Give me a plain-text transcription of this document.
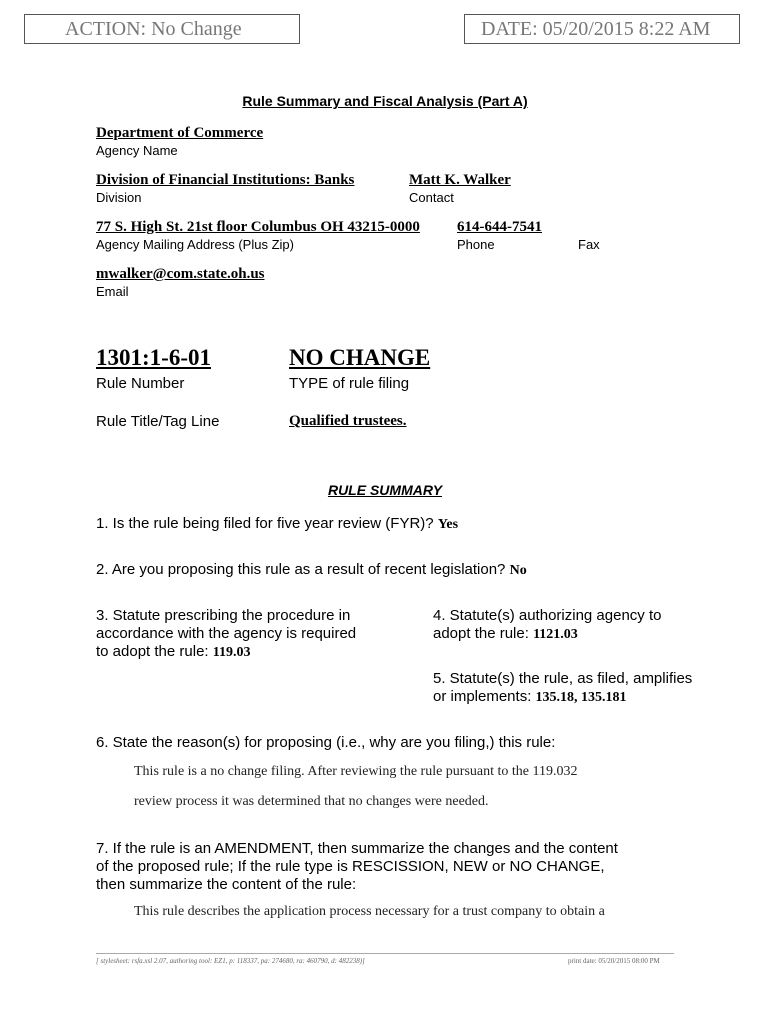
ACTION: No Change	DATE: 05/20/2015 8:22 AM
Rule Summary and Fiscal Analysis (Part A)
Department of Commerce
Agency Name
Division of Financial Institutions: Banks
Division
Matt K. Walker
Contact
77 S. High St. 21st floor Columbus OH 43215-0000
Agency Mailing Address (Plus Zip)
614-644-7541
Phone	Fax
mwalker@com.state.oh.us
Email
1301:1-6-01
Rule Number
NO CHANGE
TYPE of rule filing
Rule Title/Tag Line	Qualified trustees.
RULE SUMMARY
1. Is the rule being filed for five year review (FYR)? Yes
2. Are you proposing this rule as a result of recent legislation? No
3. Statute prescribing the procedure in
accordance with the agency is required
to adopt the rule: 119.03
4. Statute(s) authorizing agency to
adopt the rule: 1121.03
5. Statute(s) the rule, as filed, amplifies
or implements: 135.18, 135.181
6. State the reason(s) for proposing (i.e., why are you filing,) this rule:
This rule is a no change filing. After reviewing the rule pursuant to the 119.032
review process it was determined that no changes were needed.
7. If the rule is an AMENDMENT, then summarize the changes and the content
of the proposed rule; If the rule type is RESCISSION, NEW or NO CHANGE,
then summarize the content of the rule:
This rule describes the application process necessary for a trust company to obtain a
[ stylesheet: rsfa.xsl 2.07, authoring tool: EZ1, p: 118337, pa: 274680, ra: 460790, d: 482238)]	print date: 05/20/2015 08:00 PM
